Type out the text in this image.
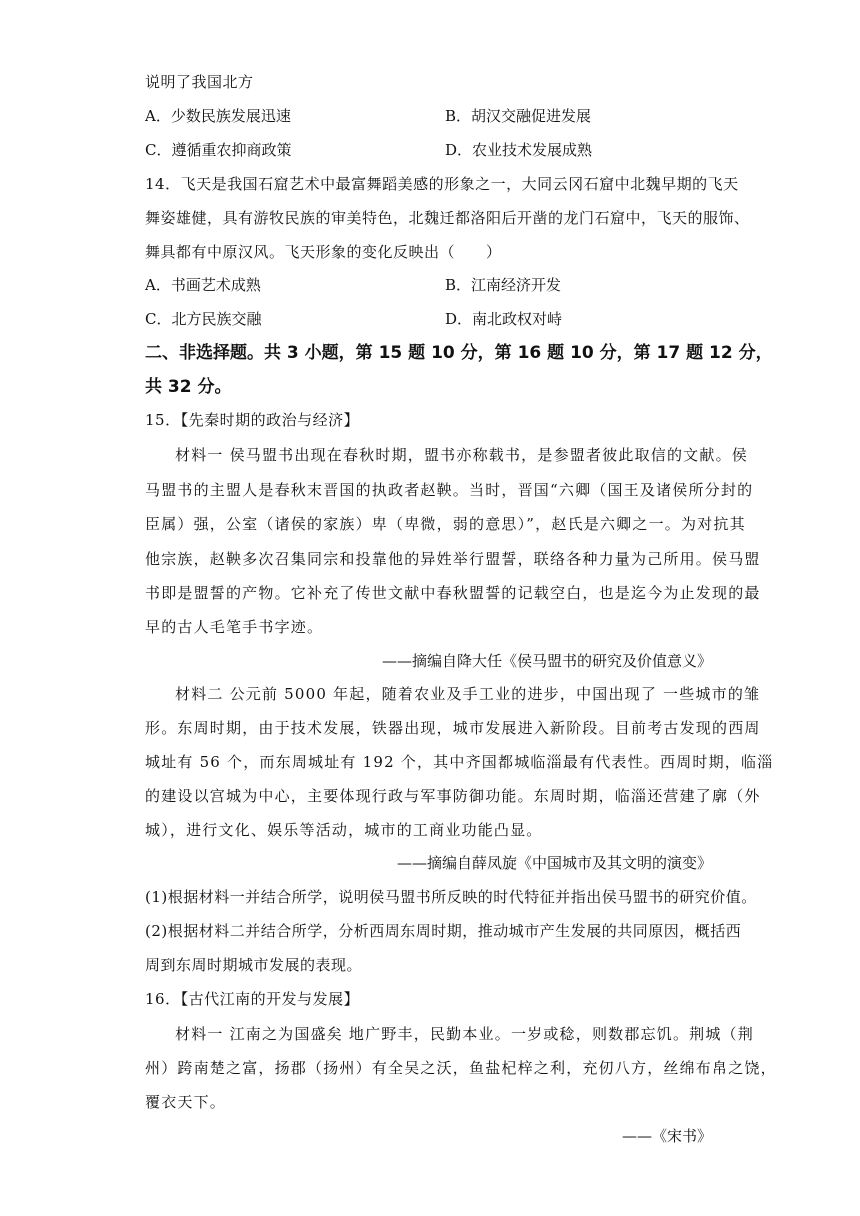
说明了我国北方
A．少数民族发展迅速	B．胡汉交融促进发展
C．遵循重农抑商政策	D．农业技术发展成熟
14．飞天是我国石窟艺术中最富舞蹈美感的形象之一，大同云冈石窟中北魏早期的飞天
舞姿雄健，具有游牧民族的审美特色，北魏迁都洛阳后开凿的龙门石窟中，飞天的服饰、
舞具都有中原汉风。飞天形象的变化反映出（　　）
A．书画艺术成熟	B．江南经济开发
C．北方民族交融	D．南北政权对峙
二、非选择题。共 3 小题，第 15 题 10 分，第 16 题 10 分，第 17 题 12 分，
共 32 分。
15．【先秦时期的政治与经济】
材料一 侯马盟书出现在春秋时期，盟书亦称载书，是参盟者彼此取信的文献。侯
马盟书的主盟人是春秋末晋国的执政者赵鞅。当时，晋国“六卿（国王及诸侯所分封的
臣属）强，公室（诸侯的家族）卑（卑微，弱的意思）”，赵氏是六卿之一。为对抗其
他宗族，赵鞅多次召集同宗和投靠他的异姓举行盟誓，联络各种力量为己所用。侯马盟
书即是盟誓的产物。它补充了传世文献中春秋盟誓的记载空白，也是迄今为止发现的最
早的古人毛笔手书字迹。
——摘编自降大任《侯马盟书的研究及价值意义》
材料二 公元前 5000 年起，随着农业及手工业的进步，中国出现了 一些城市的雏
形。东周时期，由于技术发展，铁器出现，城市发展进入新阶段。目前考古发现的西周
城址有 56 个，而东周城址有 192 个，其中齐国都城临淄最有代表性。西周时期，临淄
的建设以宫城为中心，主要体现行政与军事防御功能。东周时期，临淄还营建了廓（外
城），进行文化、娱乐等活动，城市的工商业功能凸显。
——摘编自薛凤旋《中国城市及其文明的演变》
(1)根据材料一并结合所学，说明侯马盟书所反映的时代特征并指出侯马盟书的研究价值。
(2)根据材料二并结合所学，分析西周东周时期，推动城市产生发展的共同原因，概括西
周到东周时期城市发展的表现。
16．【古代江南的开发与发展】
材料一 江南之为国盛矣 地广野丰，民勤本业。一岁或稔，则数郡忘饥。荆城（荆
州）跨南楚之富，扬郡（扬州）有全吴之沃，鱼盐杞梓之利，充仞八方，丝绵布帛之饶，
覆衣天下。
——《宋书》
